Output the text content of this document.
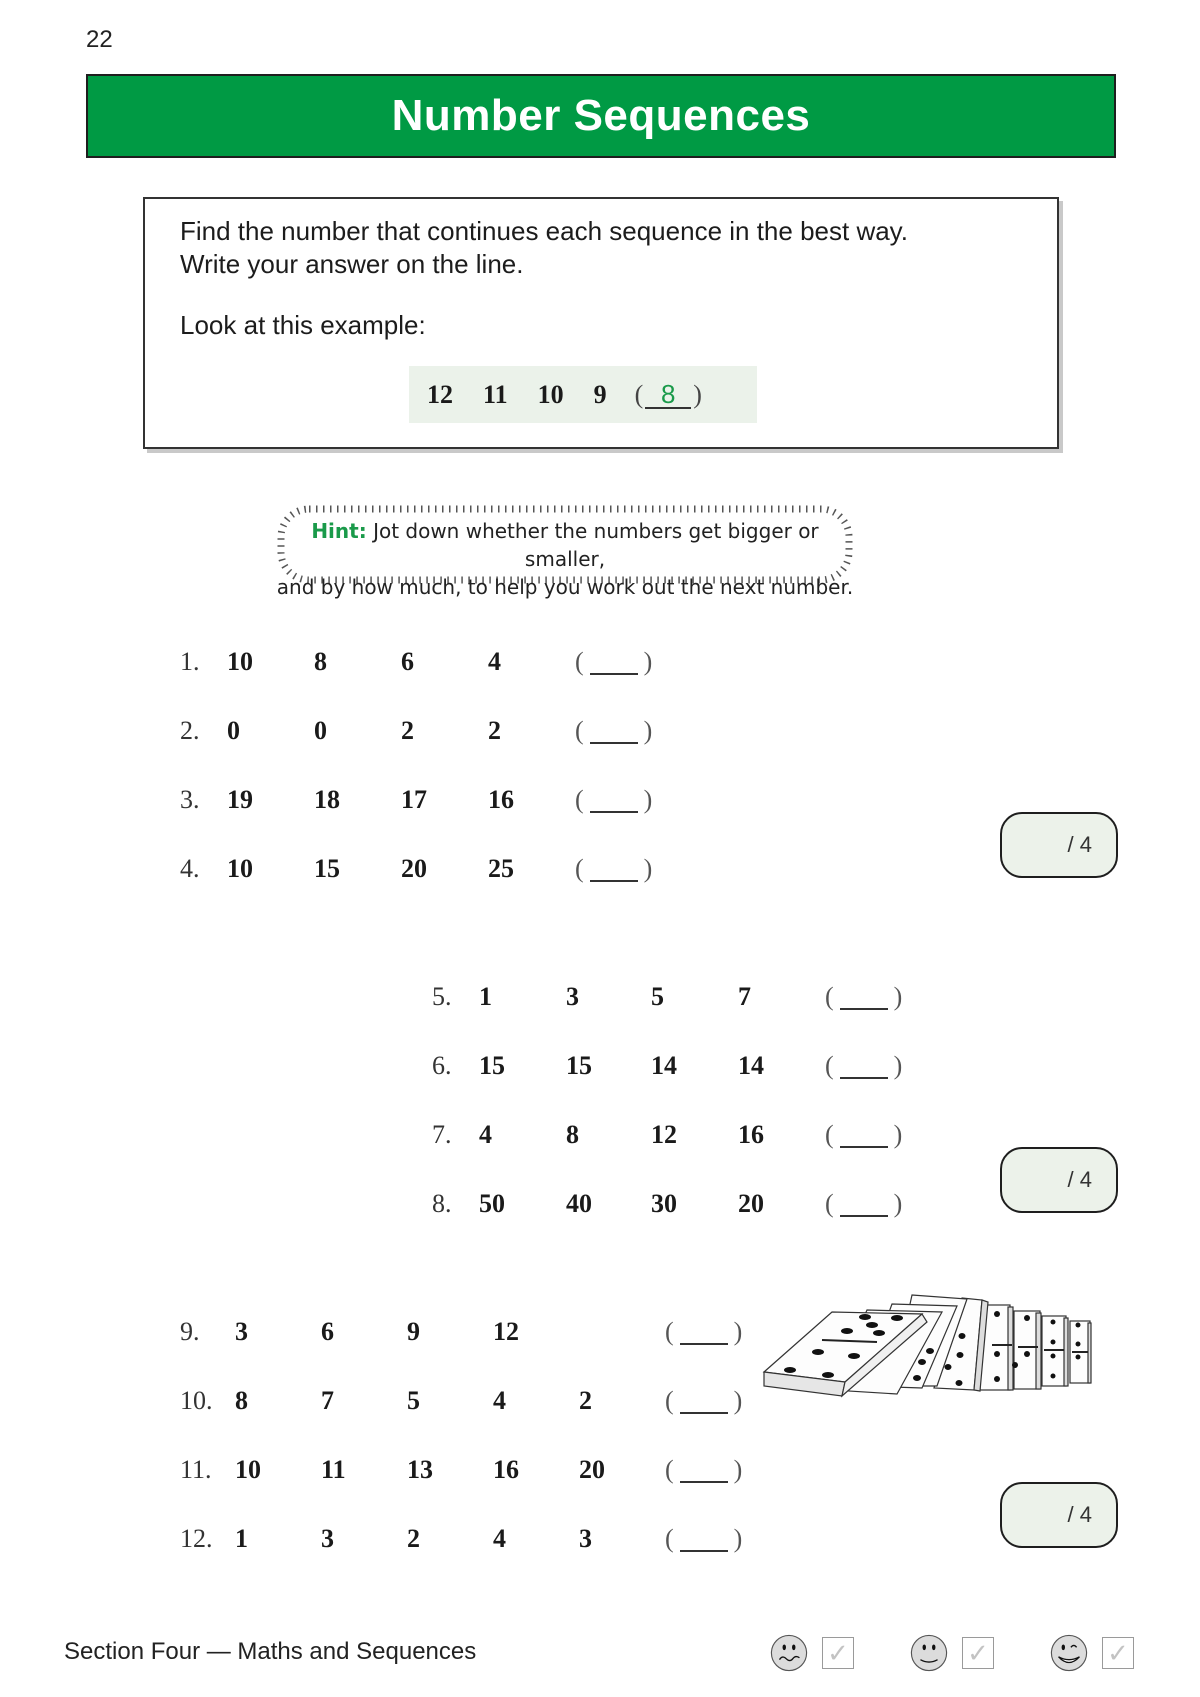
22
Number Sequences

Find the number that continues each sequence in the best way.

Write your answer on the line.

Look at this example:
12 11 10 9 ( 8 )
Hint: Jot down whether the numbers get bigger or smaller,
and by how much, to help you work out the next number.
1.	10	8	6	4	( )
2.	0	0	2	2	( )
3.	19	18	17	16	( )
4.	10	15	20	25	( )
/ 4
5.	1	3	5	7	( )
6.	15	15	14	14	( )
7.	4	8	12	16	( )
8.	50	40	30	20	( )
/ 4
9.	3	6	9	12	( )
10. 8	7	5	4	2	( )
11. 10	11	13	16	20	( )
12. 1	3	2	4	3	( )
/ 4
Section Four — Maths and Sequences	✓	✓	✓
